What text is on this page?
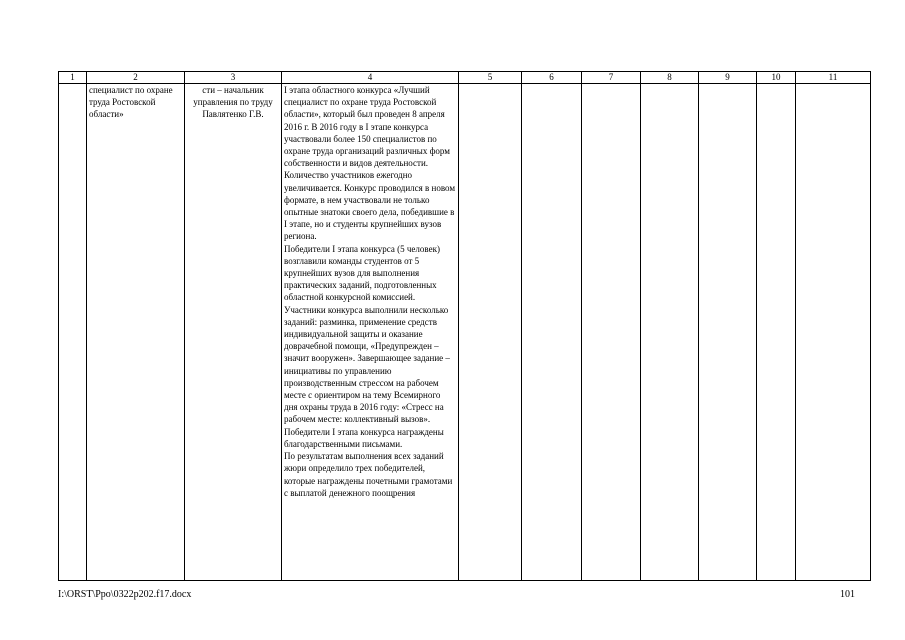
1	2	3	4	5	6	7	8	9	10	11
	специалист по охране труда Ростовской области»	сти – начальник управления по труду Павлятенко Г.В.	I этапа областного конкурса «Лучший специалист по охране труда Ростовской области», который был проведен 8 апреля 2016 г. В 2016 году в I этапе конкурса участвовали более 150 специалистов по охране труда организаций различных форм собственности и видов деятельности. Количество участников ежегодно увеличивается. Конкурс проводился в новом формате, в нем участвовали не только опытные знатоки своего дела, победившие в I этапе, но и студенты крупнейших вузов региона.
Победители I этапа конкурса (5 человек) возглавили команды студентов от 5 крупнейших вузов для выполнения практических заданий, подготовленных областной конкурсной комиссией. Участники конкурса выполнили несколько заданий: разминка, применение средств индивидуальной защиты и оказание доврачебной помощи, «Предупрежден – значит вооружен». Завершающее задание – инициативы по управлению производственным стрессом на рабочем месте с ориентиром на тему Всемирного дня охраны труда в 2016 году: «Стресс на рабочем месте: коллективный вызов». Победители I этапа конкурса награждены благодарственными письмами.
По результатам выполнения всех заданий жюри определило трех победителей, которые награждены почетными грамотами с выплатой денежного поощрения							

I:\ORST\Ppo\0322p202.f17.docx	101
